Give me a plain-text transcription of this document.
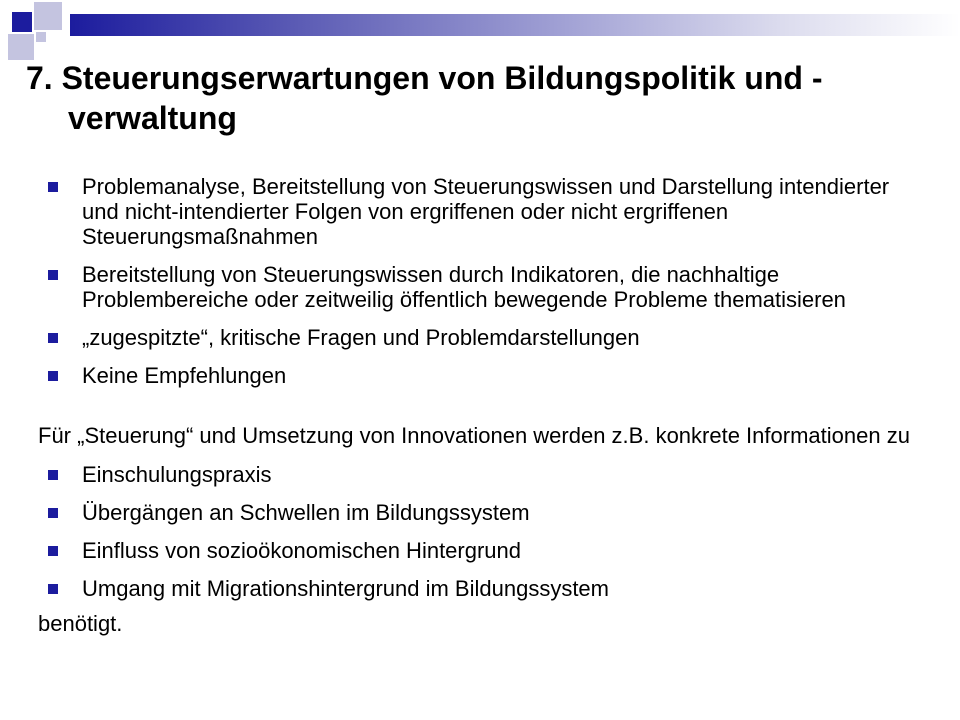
7. Steuerungserwartungen von Bildungspolitik und -verwaltung
Problemanalyse, Bereitstellung von Steuerungswissen und Darstellung intendierter und nicht-intendierter Folgen von ergriffenen oder nicht ergriffenen Steuerungsmaßnahmen
Bereitstellung von Steuerungswissen durch Indikatoren, die nachhaltige Problembereiche oder zeitweilig öffentlich bewegende Probleme thematisieren
„zugespitzte“, kritische Fragen und Problemdarstellungen
Keine Empfehlungen
Für „Steuerung“ und Umsetzung von Innovationen werden z.B. konkrete Informationen zu
Einschulungspraxis
Übergängen an Schwellen im Bildungssystem
Einfluss von sozioökonomischen Hintergrund
Umgang mit Migrationshintergrund im Bildungssystem
benötigt.
